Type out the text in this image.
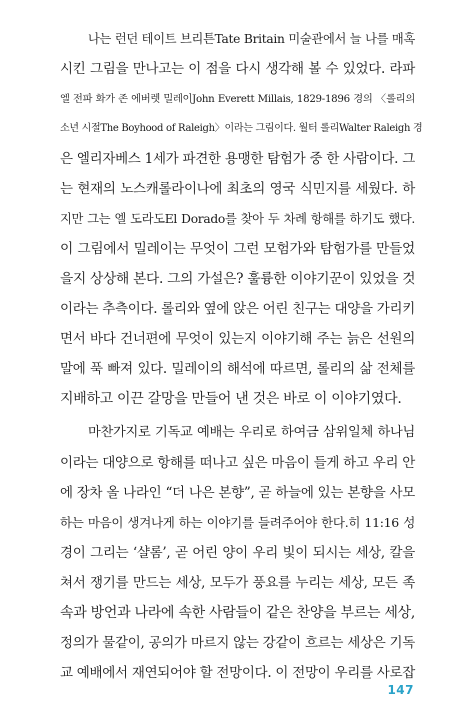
나는 런던 테이트 브리튼Tate Britain 미술관에서 늘 나를 매혹
시킨 그림을 만나고는 이 점을 다시 생각해 볼 수 있었다. 라파
엘 전파 화가 존 에버렛 밀레이John Everett Millais, 1829-1896 경의 〈롤리의
소년 시절The Boyhood of Raleigh〉이라는 그림이다. 월터 롤리Walter Raleigh 경
은 엘리자베스 1세가 파견한 용맹한 탐험가 중 한 사람이다. 그
는 현재의 노스캐롤라이나에 최초의 영국 식민지를 세웠다. 하
지만 그는 엘 도라도El Dorado를 찾아 두 차례 항해를 하기도 했다.
이 그림에서 밀레이는 무엇이 그런 모험가와 탐험가를 만들었
을지 상상해 본다. 그의 가설은? 훌륭한 이야기꾼이 있었을 것
이라는 추측이다. 롤리와 옆에 앉은 어린 친구는 대양을 가리키
면서 바다 건너편에 무엇이 있는지 이야기해 주는 늙은 선원의
말에 푹 빠져 있다. 밀레이의 해석에 따르면, 롤리의 삶 전체를
지배하고 이끈 갈망을 만들어 낸 것은 바로 이 이야기였다.
마찬가지로 기독교 예배는 우리로 하여금 삼위일체 하나님
이라는 대양으로 항해를 떠나고 싶은 마음이 들게 하고 우리 안
에 장차 올 나라인 “더 나은 본향”, 곧 하늘에 있는 본향을 사모
하는 마음이 생겨나게 하는 이야기를 들려주어야 한다.히 11:16 성
경이 그리는 ‘샬롬’, 곧 어린 양이 우리 빛이 되시는 세상, 칼을
쳐서 쟁기를 만드는 세상, 모두가 풍요를 누리는 세상, 모든 족
속과 방언과 나라에 속한 사람들이 같은 찬양을 부르는 세상,
정의가 물같이, 공의가 마르지 않는 강같이 흐르는 세상은 기독
교 예배에서 재연되어야 할 전망이다. 이 전망이 우리를 사로잡
147
